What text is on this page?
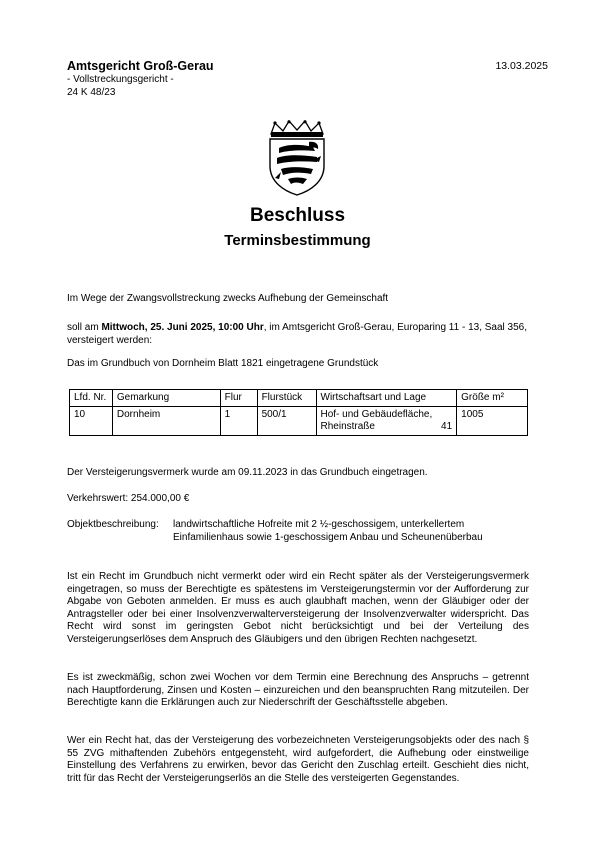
Amtsgericht Groß-Gerau
- Vollstreckungsgericht -
24 K 48/23
13.03.2025
Beschluss
Terminsbestimmung
Im Wege der Zwangsvollstreckung zwecks Aufhebung der Gemeinschaft
soll am Mittwoch, 25. Juni 2025, 10:00 Uhr, im Amtsgericht Groß-Gerau, Europaring 11 - 13, Saal 356, versteigert werden:
Das im Grundbuch von Dornheim Blatt 1821 eingetragene Grundstück
Lfd. Nr.	Gemarkung	Flur	Flurstück	Wirtschaftsart und Lage	Größe m²
10	Dornheim	1	500/1	Hof- und Gebäudefläche, Rheinstraße 41	1005
Der Versteigerungsvermerk wurde am 09.11.2023 in das Grundbuch eingetragen.
Verkehrswert: 254.000,00 €
Objektbeschreibung: landwirtschaftliche Hofreite mit 2 ½-geschossigem, unterkellertem
Einfamilienhaus sowie 1-geschossigem Anbau und Scheunenüberbau
Ist ein Recht im Grundbuch nicht vermerkt oder wird ein Recht später als der Versteigerungsvermerk eingetragen, so muss der Berechtigte es spätestens im Versteigerungstermin vor der Aufforderung zur Abgabe von Geboten anmelden. Er muss es auch glaubhaft machen, wenn der Gläubiger oder der Antragsteller oder bei einer Insolvenzverwalterversteigerung der Insolvenzverwalter widerspricht. Das Recht wird sonst im geringsten Gebot nicht berücksichtigt und bei der Verteilung des Versteigerungserlöses dem Anspruch des Gläubigers und den übrigen Rechten nachgesetzt.
Es ist zweckmäßig, schon zwei Wochen vor dem Termin eine Berechnung des Anspruchs – getrennt nach Hauptforderung, Zinsen und Kosten – einzureichen und den beanspruchten Rang mitzuteilen. Der Berechtigte kann die Erklärungen auch zur Niederschrift der Geschäftsstelle abgeben.
Wer ein Recht hat, das der Versteigerung des vorbezeichneten Versteigerungsobjekts oder des nach § 55 ZVG mithaftenden Zubehörs entgegensteht, wird aufgefordert, die Aufhebung oder einstweilige Einstellung des Verfahrens zu erwirken, bevor das Gericht den Zuschlag erteilt. Geschieht dies nicht, tritt für das Recht der Versteigerungserlös an die Stelle des versteigerten Gegenstandes.
